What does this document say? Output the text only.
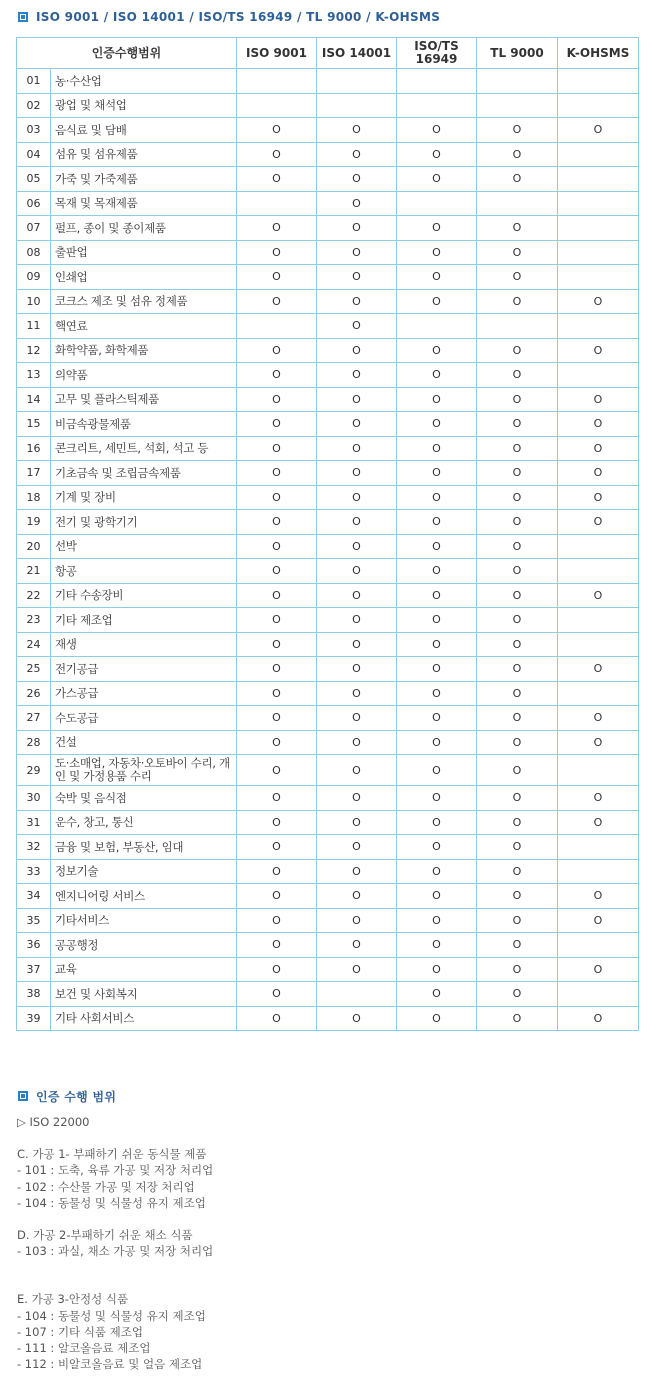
ISO 9001 / ISO 14001 / ISO/TS 16949 / TL 9000 / K-OHSMS
인증수행범위		ISO 9001	ISO 14001	ISO/TS
16949	TL 9000	K-OHSMS
01	농·수산업					
02	광업 및 채석업					
03	음식료 및 담배	O	O	O	O	O
04	섬유 및 섬유제품	O	O	O	O	
05	가죽 및 가죽제품	O	O	O	O	
06	목재 및 목재제품		O			
07	펄프, 종이 및 종이제품	O	O	O	O	
08	출판업	O	O	O	O	
09	인쇄업	O	O	O	O	
10	코크스 제조 및 섬유 정제품	O	O	O	O	O
11	핵연료		O			
12	화학약품, 화학제품	O	O	O	O	O
13	의약품	O	O	O	O	
14	고무 및 플라스틱제품	O	O	O	O	O
15	비금속광물제품	O	O	O	O	O
16	콘크리트, 세민트, 석회, 석고 등	O	O	O	O	O
17	기초금속 및 조립금속제품	O	O	O	O	O
18	기계 및 장비	O	O	O	O	O
19	전기 및 광학기기	O	O	O	O	O
20	선박	O	O	O	O	
21	항공	O	O	O	O	
22	기타 수송장비	O	O	O	O	O
23	기타 제조업	O	O	O	O	
24	재생	O	O	O	O	
25	전기공급	O	O	O	O	O
26	가스공급	O	O	O	O	
27	수도공급	O	O	O	O	O
28	건설	O	O	O	O	O
29	도·소매업, 자동차·오토바이 수리, 개인 및 가정용품 수리	O	O	O	O	
30	숙박 및 음식점	O	O	O	O	O
31	운수, 창고, 통신	O	O	O	O	O
32	금융 및 보험, 부동산, 임대	O	O	O	O	
33	정보기술	O	O	O	O	
34	엔지니어링 서비스	O	O	O	O	O
35	기타서비스	O	O	O	O	O
36	공공행정	O	O	O	O	
37	교육	O	O	O	O	O
38	보건 및 사회복지	O		O	O	
39	기타 사회서비스	O	O	O	O	O
인증 수행 범위
▷ ISO 22000
C. 가공 1- 부패하기 쉬운 동식물 제품
- 101 : 도축, 육류 가공 및 저장 처리업
- 102 : 수산물 가공 및 저장 처리업
- 104 : 동물성 및 식물성 유지 제조업
D. 가공 2-부패하기 쉬운 채소 식품
- 103 : 과실, 채소 가공 및 저장 처리업
E. 가공 3-안정성 식품
- 104 : 동물성 및 식물성 유지 제조업
- 107 : 기타 식품 제조업
- 111 : 알코올음료 제조업
- 112 : 비알코올음료 및 얼음 제조업
